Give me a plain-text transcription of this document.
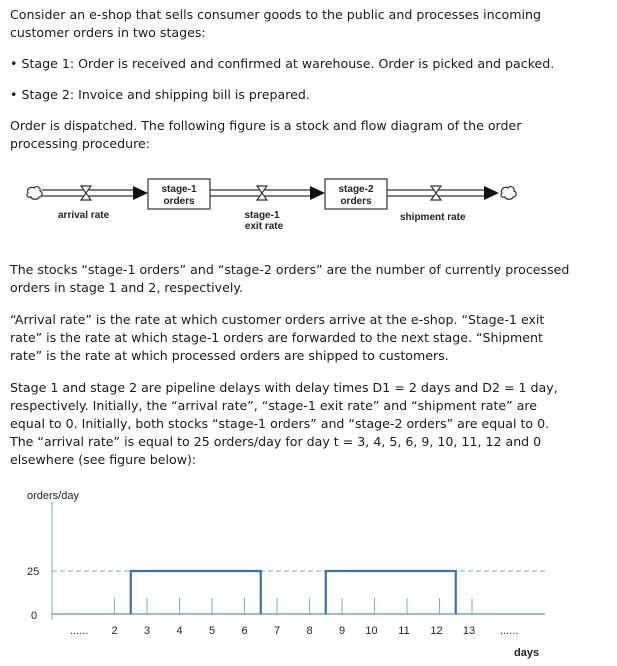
Consider an e-shop that sells consumer goods to the public and processes incoming customer orders in two stages:

• Stage 1: Order is received and confirmed at warehouse. Order is picked and packed.

• Stage 2: Invoice and shipping bill is prepared.

Order is dispatched. The following figure is a stock and flow diagram of the order processing procedure:

arrival rate
stage-1
orders
stage-1
exit rate
stage-2
orders
shipment rate

The stocks “stage-1 orders” and “stage-2 orders” are the number of currently processed orders in stage 1 and 2, respectively.

“Arrival rate” is the rate at which customer orders arrive at the e-shop. “Stage-1 exit rate” is the rate at which stage-1 orders are forwarded to the next stage. “Shipment rate” is the rate at which processed orders are shipped to customers.

Stage 1 and stage 2 are pipeline delays with delay times D1 = 2 days and D2 = 1 day, respectively. Initially, the “arrival rate”, “stage-1 exit rate” and “shipment rate” are equal to 0. Initially, both stocks “stage-1 orders” and “stage-2 orders” are equal to 0. The “arrival rate” is equal to 25 orders/day for day t = 3, 4, 5, 6, 9, 10, 11, 12 and 0 elsewhere (see figure below):

orders/day
25
0
2 3 4 5 6 7 8 9 10 11 12 13
......	......
days
